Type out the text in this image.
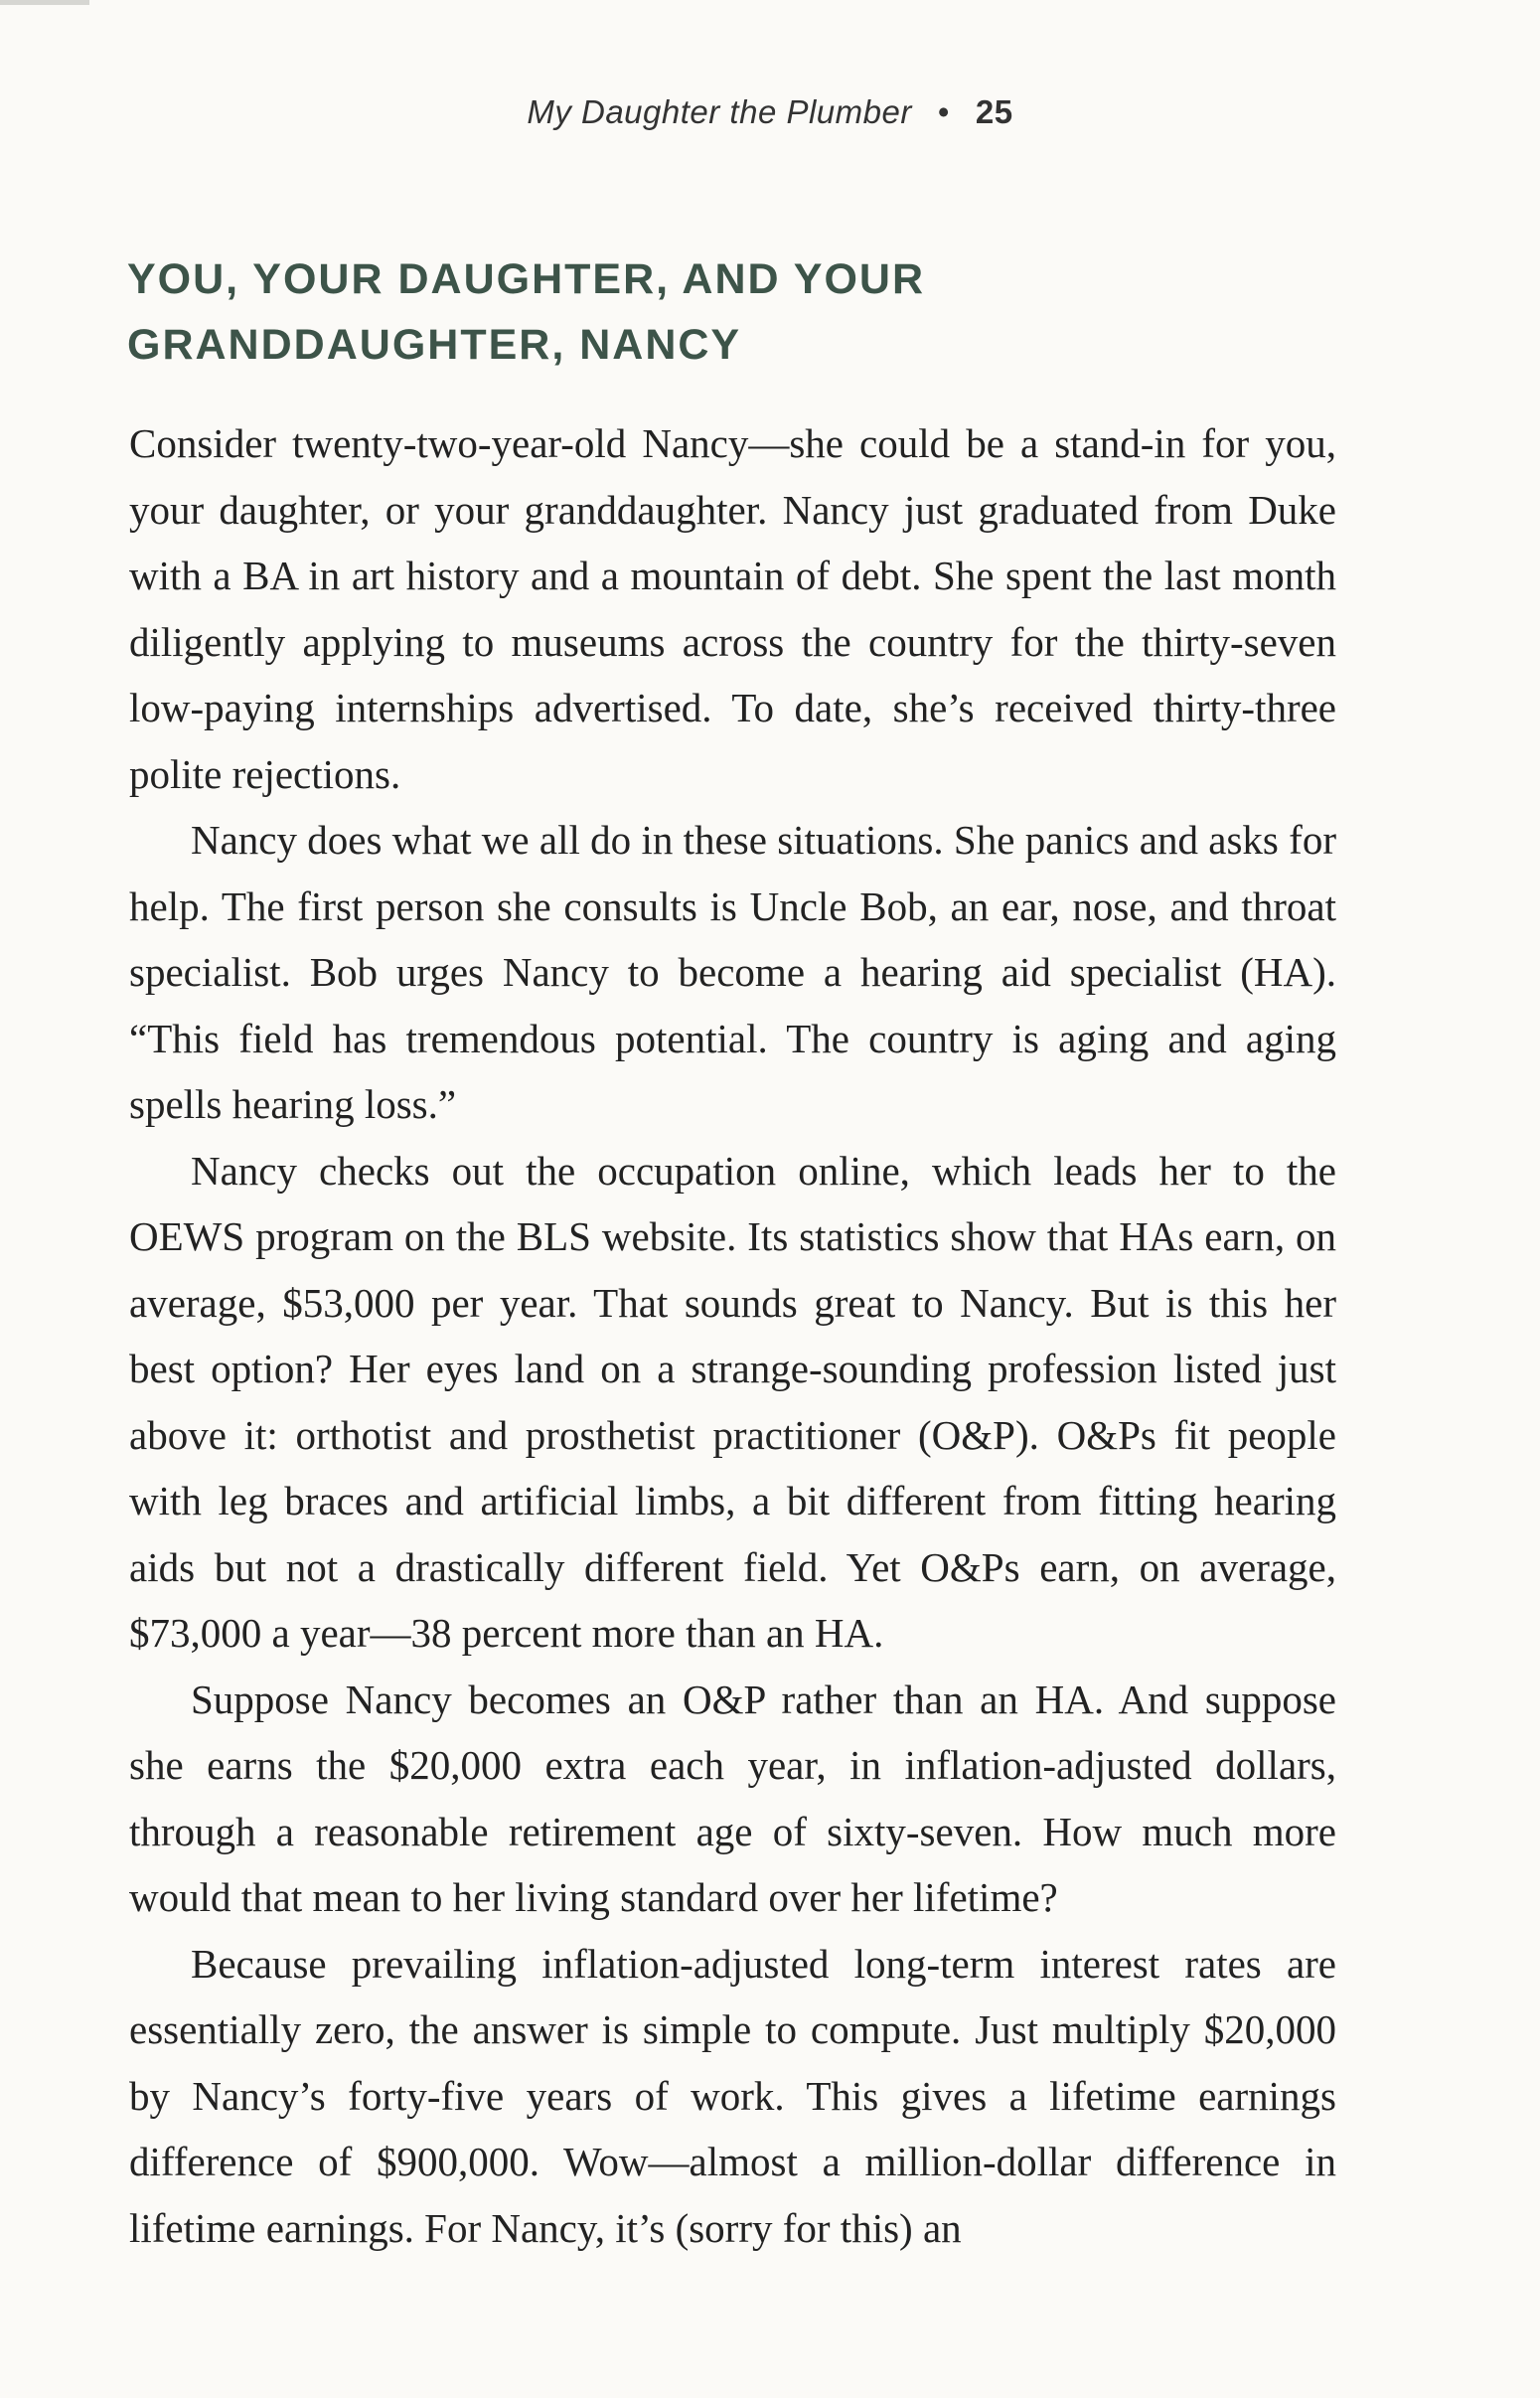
My Daughter the Plumber • 25
YOU, YOUR DAUGHTER, AND YOUR
GRANDDAUGHTER, NANCY

Consider twenty-two-year-old Nancy—she could be a stand-in for you, your daughter, or your granddaughter. Nancy just graduated from Duke with a BA in art history and a mountain of debt. She spent the last month diligently applying to museums across the country for the thirty-seven low-paying internships advertised. To date, she’s received thirty-three polite rejections.

Nancy does what we all do in these situations. She panics and asks for help. The first person she consults is Uncle Bob, an ear, nose, and throat specialist. Bob urges Nancy to become a hearing aid specialist (HA). “This field has tremendous potential. The country is aging and aging spells hearing loss.”

Nancy checks out the occupation online, which leads her to the OEWS program on the BLS website. Its statistics show that HAs earn, on average, $53,000 per year. That sounds great to Nancy. But is this her best option? Her eyes land on a strange-sounding profession listed just above it: orthotist and prosthetist practitioner (O&P). O&Ps fit people with leg braces and artificial limbs, a bit different from fitting hearing aids but not a drastically different field. Yet O&Ps earn, on average, $73,000 a year—38 percent more than an HA.

Suppose Nancy becomes an O&P rather than an HA. And suppose she earns the $20,000 extra each year, in inflation-adjusted dollars, through a reasonable retirement age of sixty-seven. How much more would that mean to her living standard over her lifetime?

Because prevailing inflation-adjusted long-term interest rates are essentially zero, the answer is simple to compute. Just multiply $20,000 by Nancy’s forty-five years of work. This gives a lifetime earnings difference of $900,000. Wow—almost a million-dollar difference in lifetime earnings. For Nancy, it’s (sorry for this) an
